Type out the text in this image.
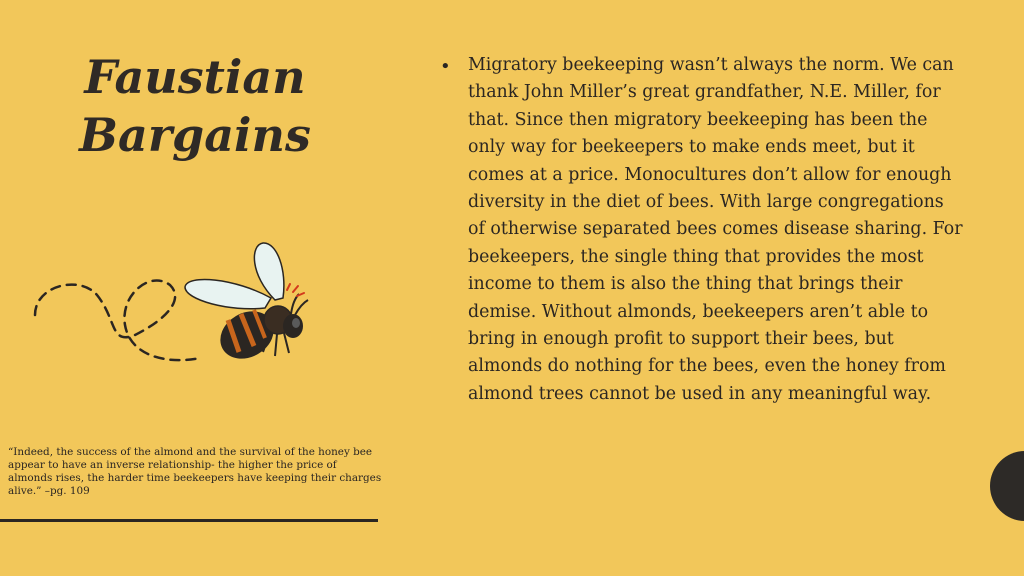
Faustian
Bargains

“Indeed, the success of the almond and the survival of the honey bee appear to have an inverse relationship- the higher the price of almonds rises, the harder time beekeepers have keeping their charges alive.” –pg. 109

• Migratory beekeeping wasn’t always the norm. We can thank John Miller’s great grandfather, N.E. Miller, for that. Since then migratory beekeeping has been the only way for beekeepers to make ends meet, but it comes at a price. Monocultures don’t allow for enough diversity in the diet of bees. With large congregations of otherwise separated bees comes disease sharing. For beekeepers, the single thing that provides the most income to them is also the thing that brings their demise. Without almonds, beekeepers aren’t able to bring in enough profit to support their bees, but almonds do nothing for the bees, even the honey from almond trees cannot be used in any meaningful way.
